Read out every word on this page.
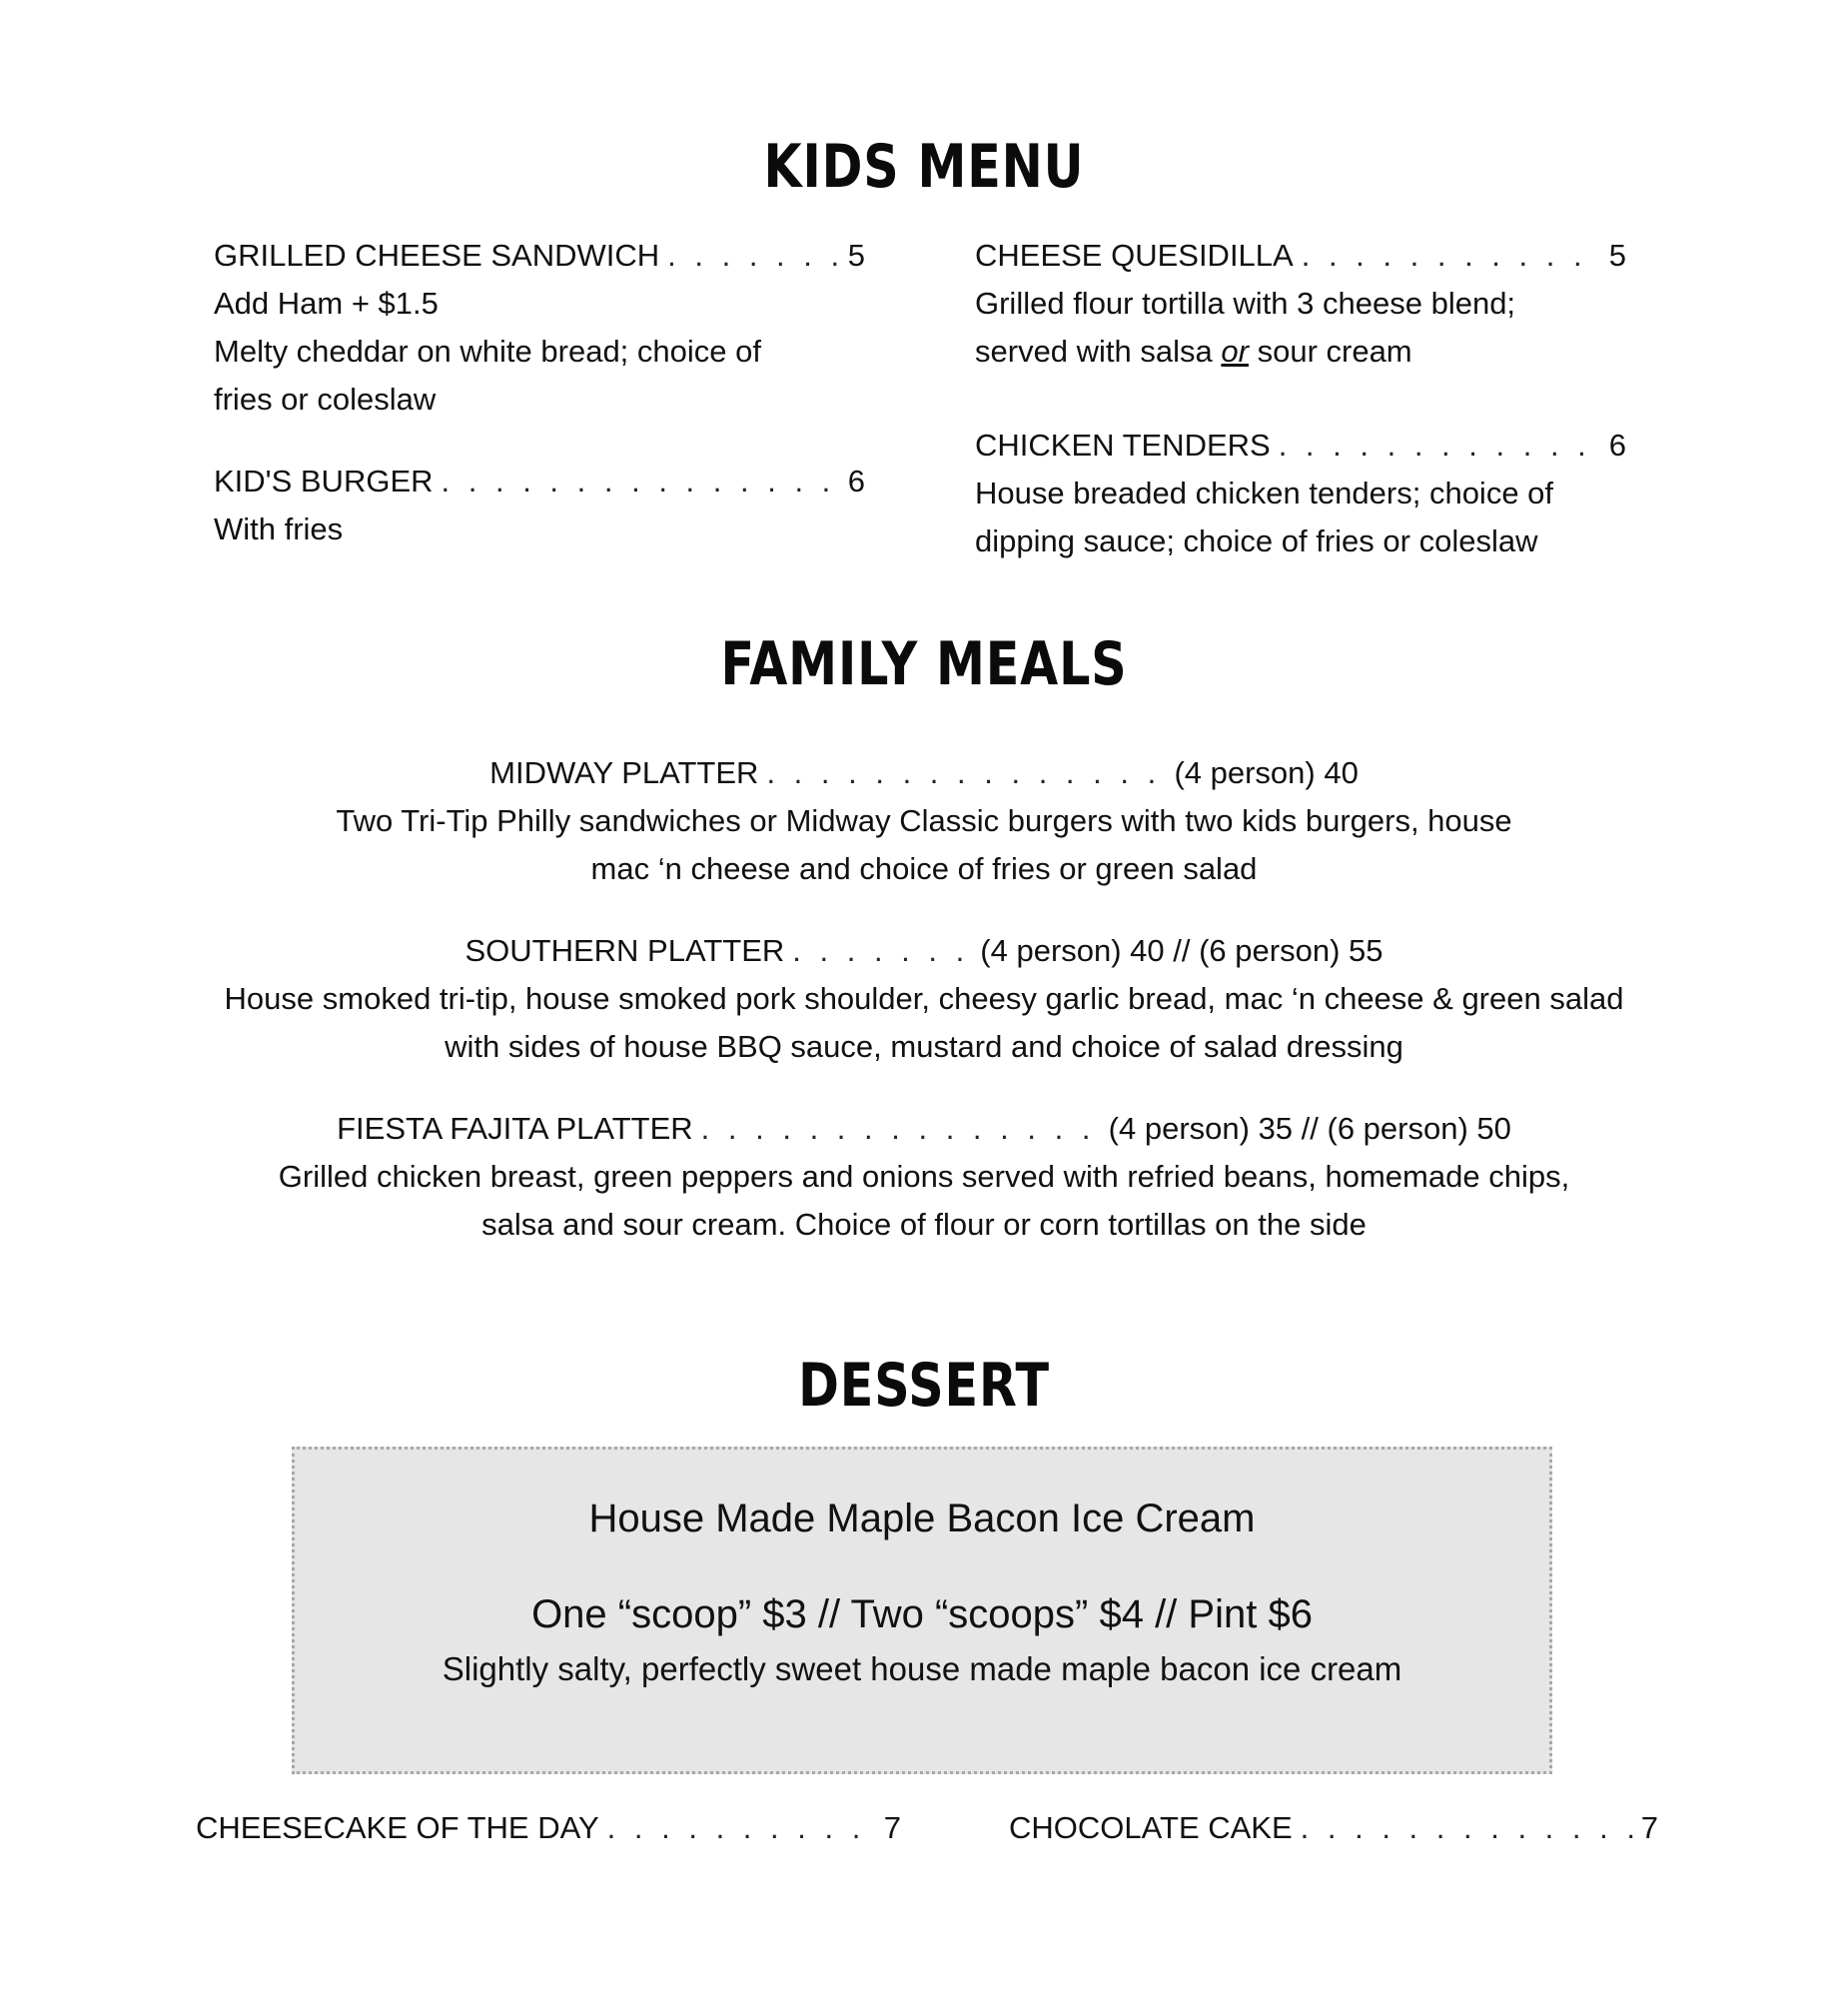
KIDS MENU
GRILLED CHEESE SANDWICH . . .	5
Add Ham + $1.5
Melty cheddar on white bread; choice of
fries or coleslaw
KID'S BURGER . . .	6
With fries
CHEESE QUESIDILLA . . .	5
Grilled flour tortilla with 3 cheese blend;
served with salsa or sour cream
CHICKEN TENDERS . . .	6
House breaded chicken tenders; choice of
dipping sauce; choice of fries or coleslaw
FAMILY MEALS
MIDWAY PLATTER . . .	(4 person) 40
Two Tri-Tip Philly sandwiches or Midway Classic burgers with two kids burgers, house
mac ‘n cheese and choice of fries or green salad
SOUTHERN PLATTER . . .	(4 person) 40 // (6 person) 55
House smoked tri-tip, house smoked pork shoulder, cheesy garlic bread, mac ‘n cheese & green salad
with sides of house BBQ sauce, mustard and choice of salad dressing
FIESTA FAJITA PLATTER . . .	(4 person) 35 // (6 person) 50
Grilled chicken breast, green peppers and onions served with refried beans, homemade chips,
salsa and sour cream. Choice of flour or corn tortillas on the side
DESSERT
House Made Maple Bacon Ice Cream
One “scoop” $3 // Two “scoops” $4 // Pint $6
Slightly salty, perfectly sweet house made maple bacon ice cream
CHEESECAKE OF THE DAY . . .	7	CHOCOLATE CAKE . . .	7
